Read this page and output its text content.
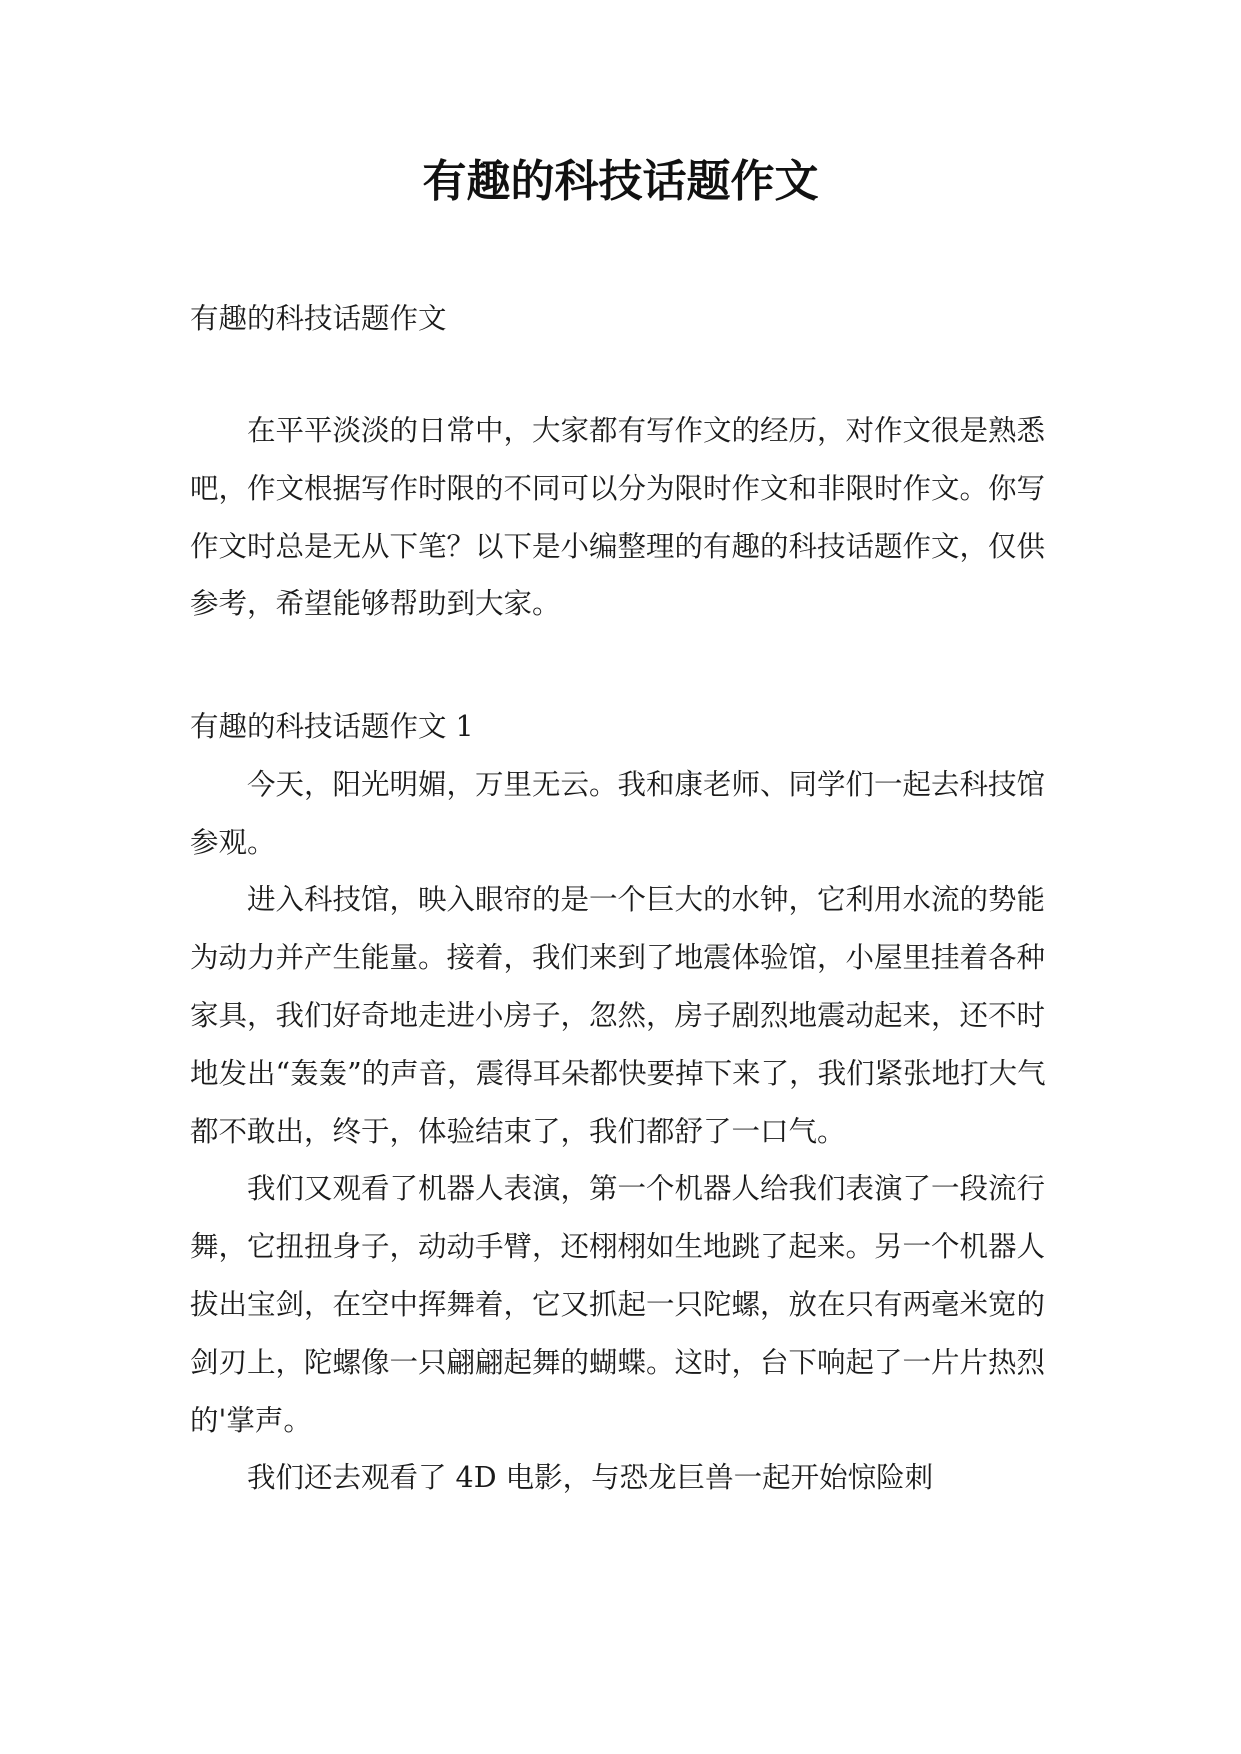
有趣的科技话题作文

有趣的科技话题作文

在平平淡淡的日常中，大家都有写作文的经历，对作文很是熟悉吧，作文根据写作时限的不同可以分为限时作文和非限时作文。你写作文时总是无从下笔？以下是小编整理的有趣的科技话题作文，仅供参考，希望能够帮助到大家。

有趣的科技话题作文 1

今天，阳光明媚，万里无云。我和康老师、同学们一起去科技馆参观。

进入科技馆，映入眼帘的是一个巨大的水钟，它利用水流的势能为动力并产生能量。接着，我们来到了地震体验馆，小屋里挂着各种家具，我们好奇地走进小房子，忽然，房子剧烈地震动起来，还不时地发出“轰轰”的声音，震得耳朵都快要掉下来了，我们紧张地打大气都不敢出，终于，体验结束了，我们都舒了一口气。

我们又观看了机器人表演，第一个机器人给我们表演了一段流行舞，它扭扭身子，动动手臂，还栩栩如生地跳了起来。另一个机器人拔出宝剑，在空中挥舞着，它又抓起一只陀螺，放在只有两毫米宽的剑刃上，陀螺像一只翩翩起舞的蝴蝶。这时，台下响起了一片片热烈的'掌声。

我们还去观看了 4D 电影，与恐龙巨兽一起开始惊险刺
